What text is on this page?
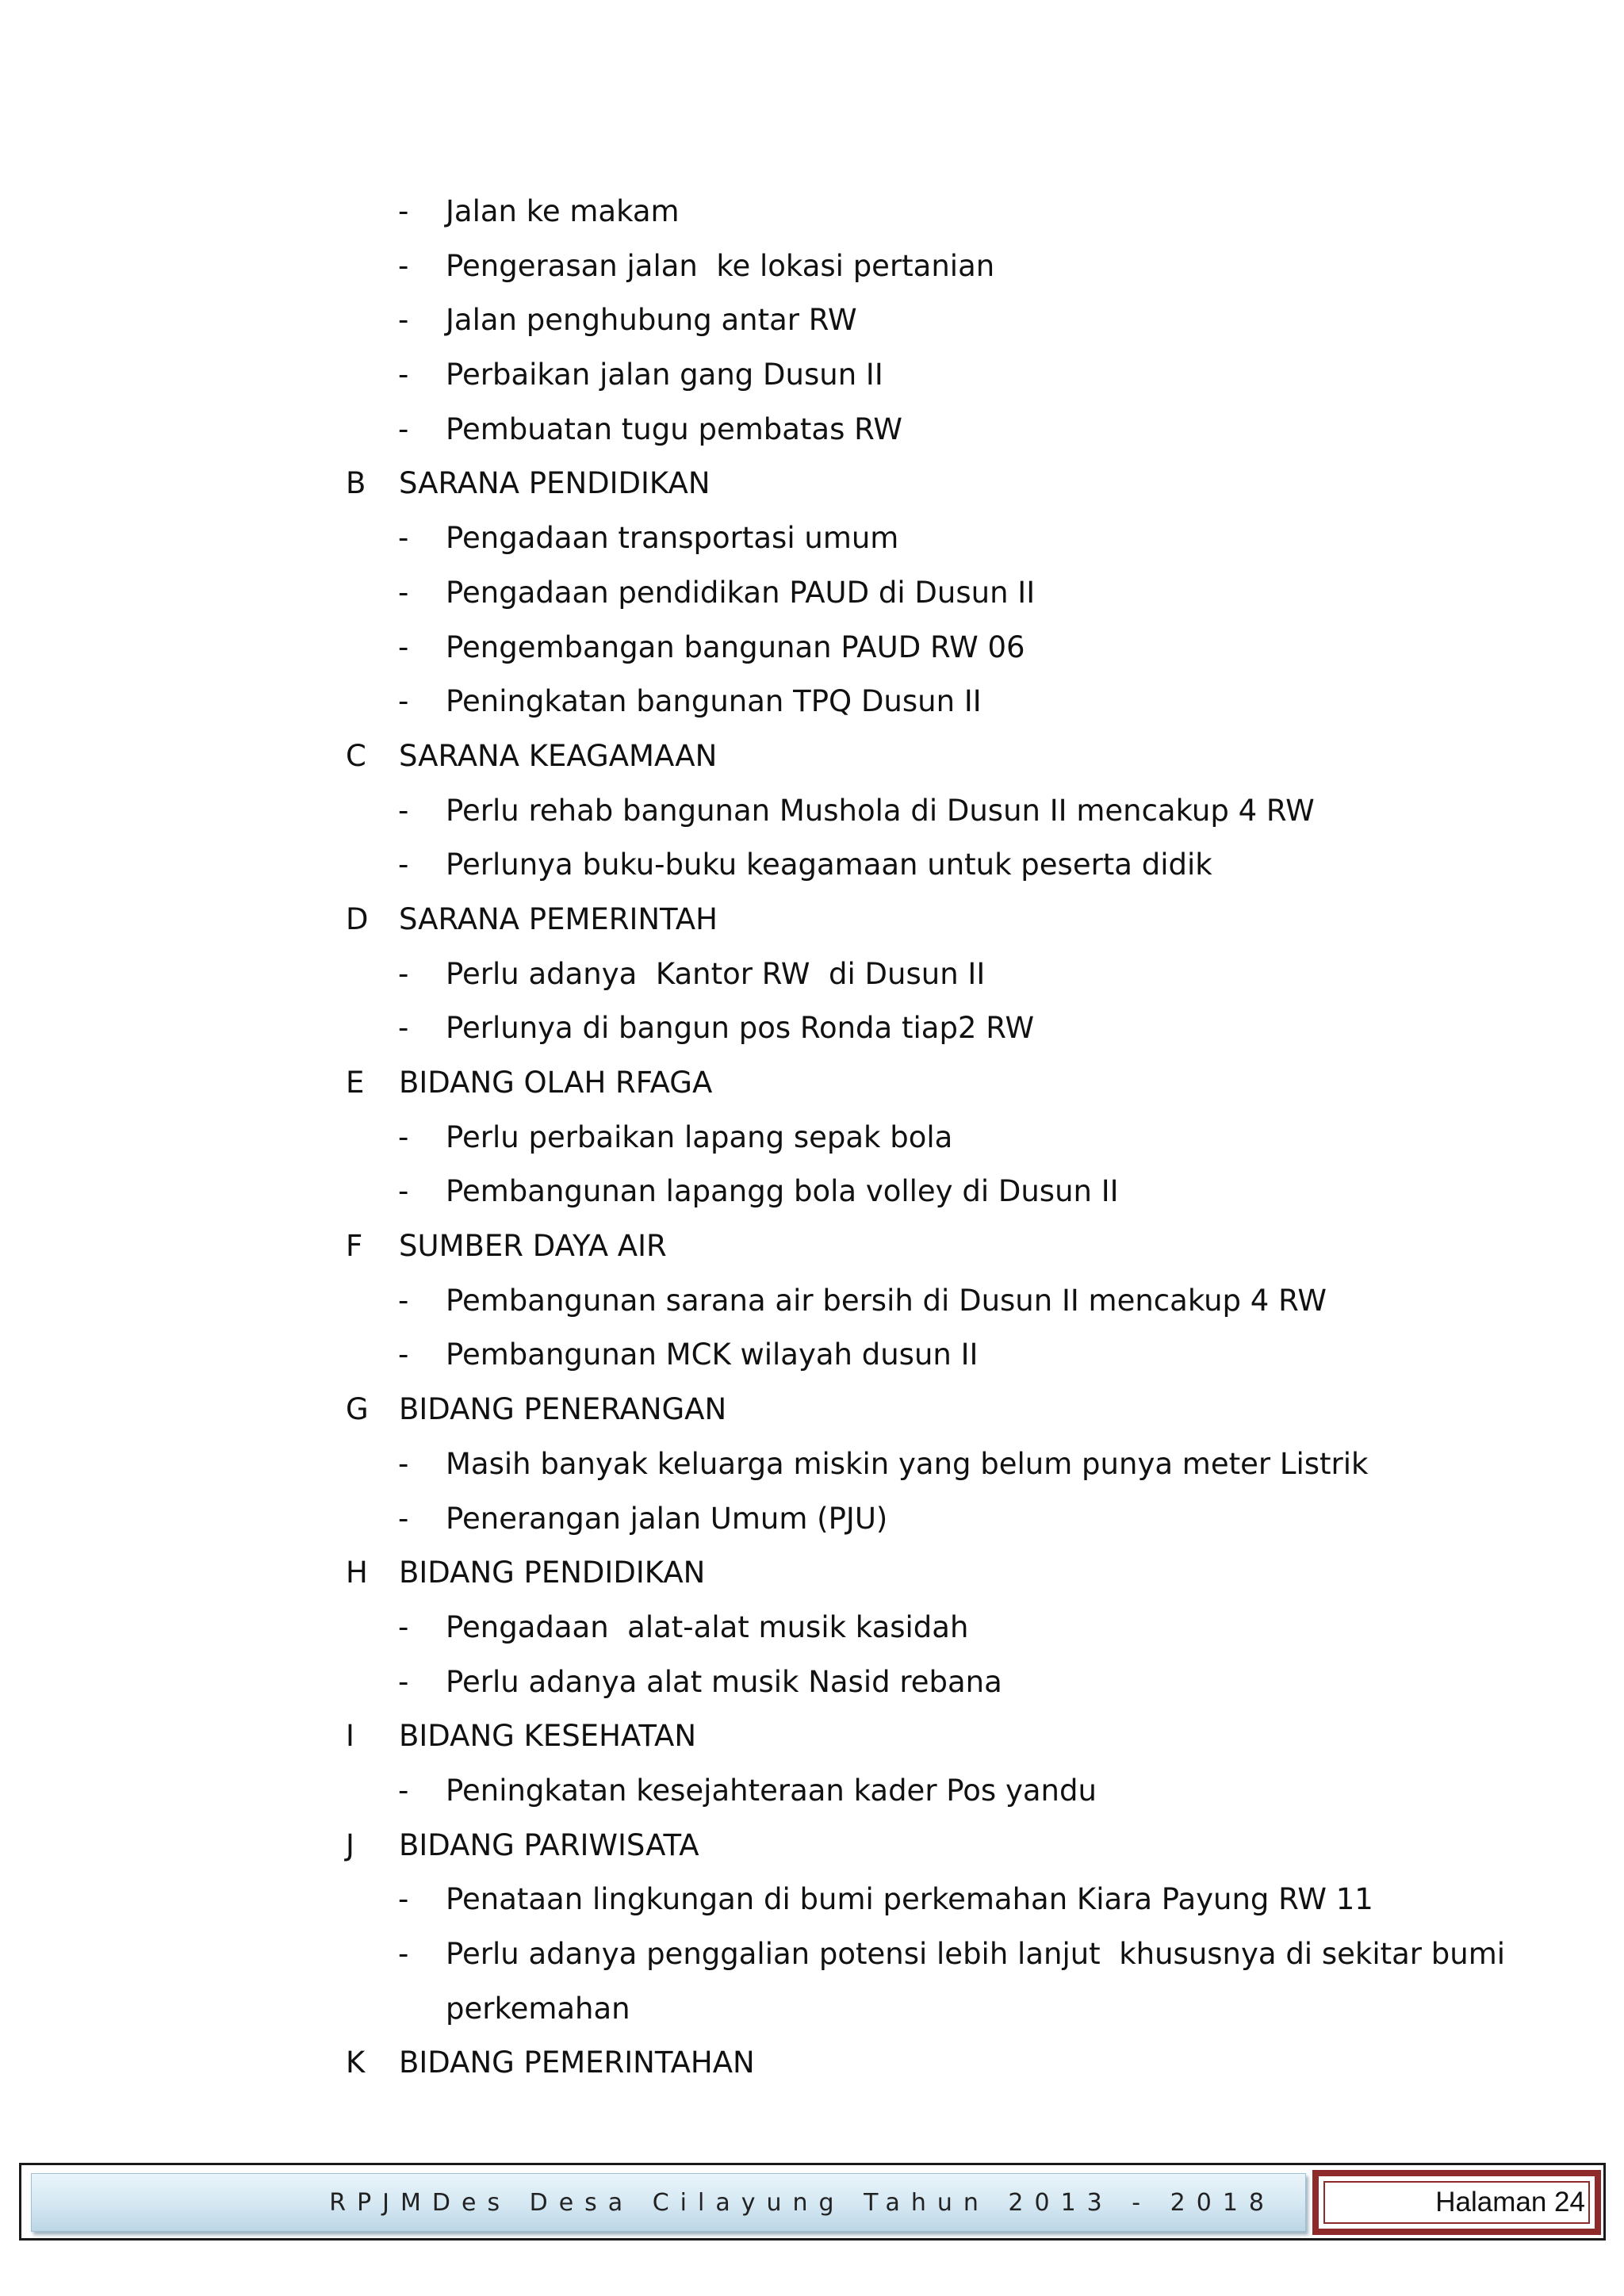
- Jalan ke makam
- Pengerasan jalan  ke lokasi pertanian
- Jalan penghubung antar RW
- Perbaikan jalan gang Dusun II
- Pembuatan tugu pembatas RW
B SARANA PENDIDIKAN
- Pengadaan transportasi umum
- Pengadaan pendidikan PAUD di Dusun II
- Pengembangan bangunan PAUD RW 06
- Peningkatan bangunan TPQ Dusun II
C SARANA KEAGAMAAN
- Perlu rehab bangunan Mushola di Dusun II mencakup 4 RW
- Perlunya buku-buku keagamaan untuk peserta didik
D SARANA PEMERINTAH
- Perlu adanya  Kantor RW  di Dusun II
- Perlunya di bangun pos Ronda tiap2 RW
E BIDANG OLAH RFAGA
- Perlu perbaikan lapang sepak bola
- Pembangunan lapangg bola volley di Dusun II
F SUMBER DAYA AIR
- Pembangunan sarana air bersih di Dusun II mencakup 4 RW
- Pembangunan MCK wilayah dusun II
G BIDANG PENERANGAN
- Masih banyak keluarga miskin yang belum punya meter Listrik
- Penerangan jalan Umum (PJU)
H BIDANG PENDIDIKAN
- Pengadaan  alat-alat musik kasidah
- Perlu adanya alat musik Nasid rebana
I BIDANG KESEHATAN
- Peningkatan kesejahteraan kader Pos yandu
J BIDANG PARIWISATA
- Penataan lingkungan di bumi perkemahan Kiara Payung RW 11
- Perlu adanya penggalian potensi lebih lanjut  khususnya di sekitar bumi
perkemahan
K BIDANG PEMERINTAHAN
RPJMDes Desa Cilayung Tahun 2013 - 2018	Halaman 24
